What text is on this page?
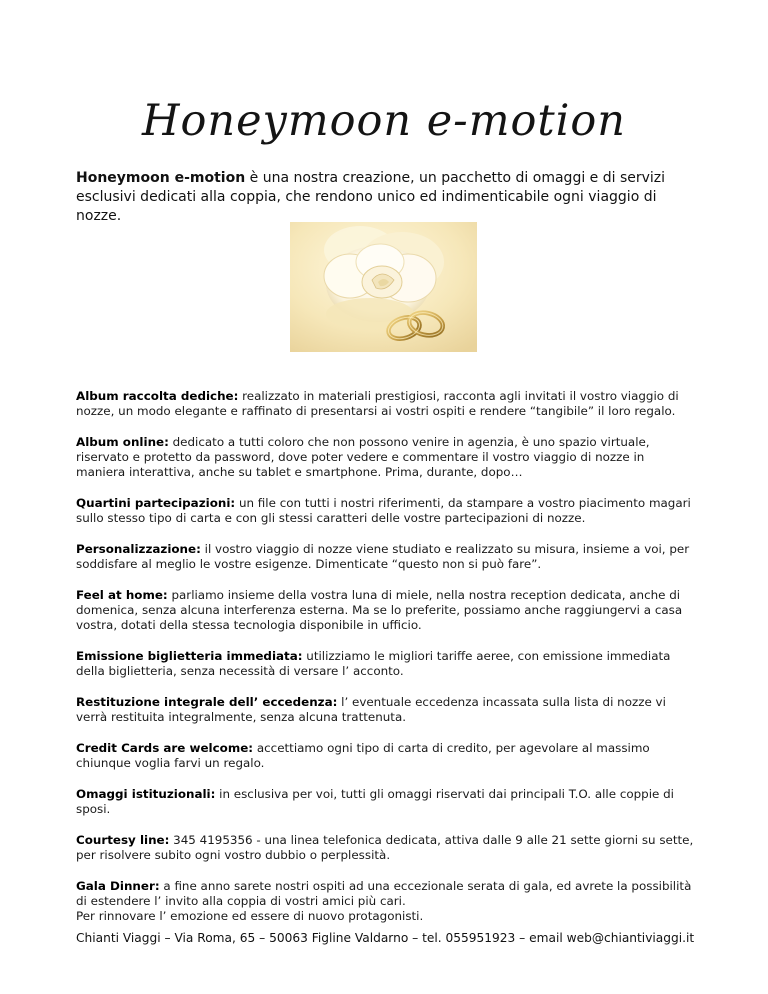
Honeymoon e-motion
Honeymoon e-motion è una nostra creazione, un pacchetto di omaggi e di servizi esclusivi dedicati alla coppia, che rendono unico ed indimenticabile ogni viaggio di nozze.

Album raccolta dediche: realizzato in materiali prestigiosi, racconta agli invitati il vostro viaggio di nozze, un modo elegante e raffinato di presentarsi ai vostri ospiti e rendere “tangibile” il loro regalo.

Album online: dedicato a tutti coloro che non possono venire in agenzia, è uno spazio virtuale, riservato e protetto da password, dove poter vedere e commentare il vostro viaggio di nozze in maniera interattiva, anche su tablet e smartphone. Prima, durante, dopo…

Quartini partecipazioni: un file con tutti i nostri riferimenti, da stampare a vostro piacimento magari sullo stesso tipo di carta e con gli stessi caratteri delle vostre partecipazioni di nozze.

Personalizzazione: il vostro viaggio di nozze viene studiato e realizzato su misura, insieme a voi, per soddisfare al meglio le vostre esigenze. Dimenticate “questo non si può fare”.

Feel at home: parliamo insieme della vostra luna di miele, nella nostra reception dedicata, anche di domenica, senza alcuna interferenza esterna. Ma se lo preferite, possiamo anche raggiungervi a casa vostra, dotati della stessa tecnologia disponibile in ufficio.

Emissione biglietteria immediata: utilizziamo le migliori tariffe aeree, con emissione immediata della biglietteria, senza necessità di versare l’ acconto.

Restituzione integrale dell’ eccedenza: l’ eventuale eccedenza incassata sulla lista di nozze vi verrà restituita integralmente, senza alcuna trattenuta.

Credit Cards are welcome: accettiamo ogni tipo di carta di credito, per agevolare al massimo chiunque voglia farvi un regalo.

Omaggi istituzionali: in esclusiva per voi, tutti gli omaggi riservati dai principali T.O. alle coppie di sposi.

Courtesy line: 345 4195356 - una linea telefonica dedicata, attiva dalle 9 alle 21 sette giorni su sette, per risolvere subito ogni vostro dubbio o perplessità.

Gala Dinner: a fine anno sarete nostri ospiti ad una eccezionale serata di gala, ed avrete la possibilità di estendere l’ invito alla coppia di vostri amici più cari.
Per rinnovare l’ emozione ed essere di nuovo protagonisti.

Chianti Viaggi – Via Roma, 65 – 50063 Figline Valdarno – tel. 055951923 – email web@chiantiviaggi.it
